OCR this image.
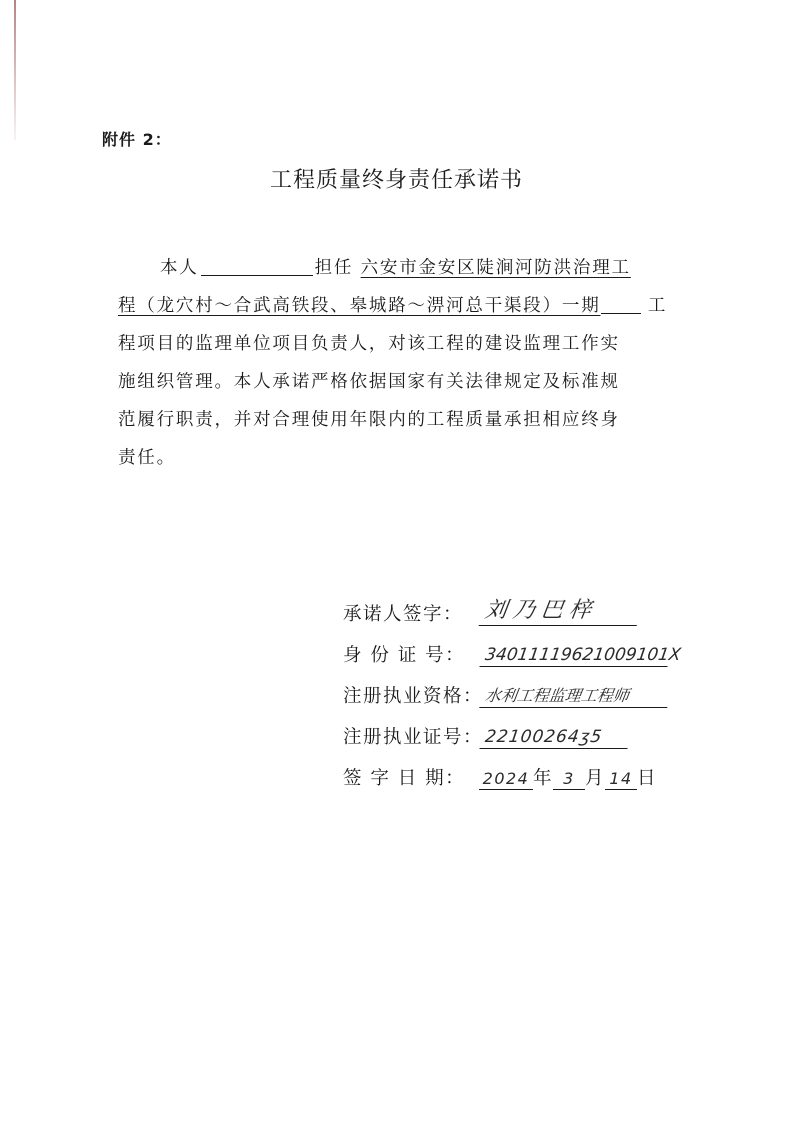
附件 2：
工程质量终身责任承诺书
本人	担任 六安市金安区陡涧河防洪治理工
程（龙穴村～合武高铁段、皋城路～淠河总干渠段）一期	工
程项目的监理单位项目负责人，对该工程的建设监理工作实
施组织管理。本人承诺严格依据国家有关法律规定及标准规
范履行职责，并对合理使用年限内的工程质量承担相应终身
责任。
承诺人签字： 刘乃巴梓
身 份 证 号：	34011119621009101X
注册执业资格： 水利工程监理工程师
注册执业证号： 22100264ʒ5
签 字 日 期：	2024 年 3 月 14 日
